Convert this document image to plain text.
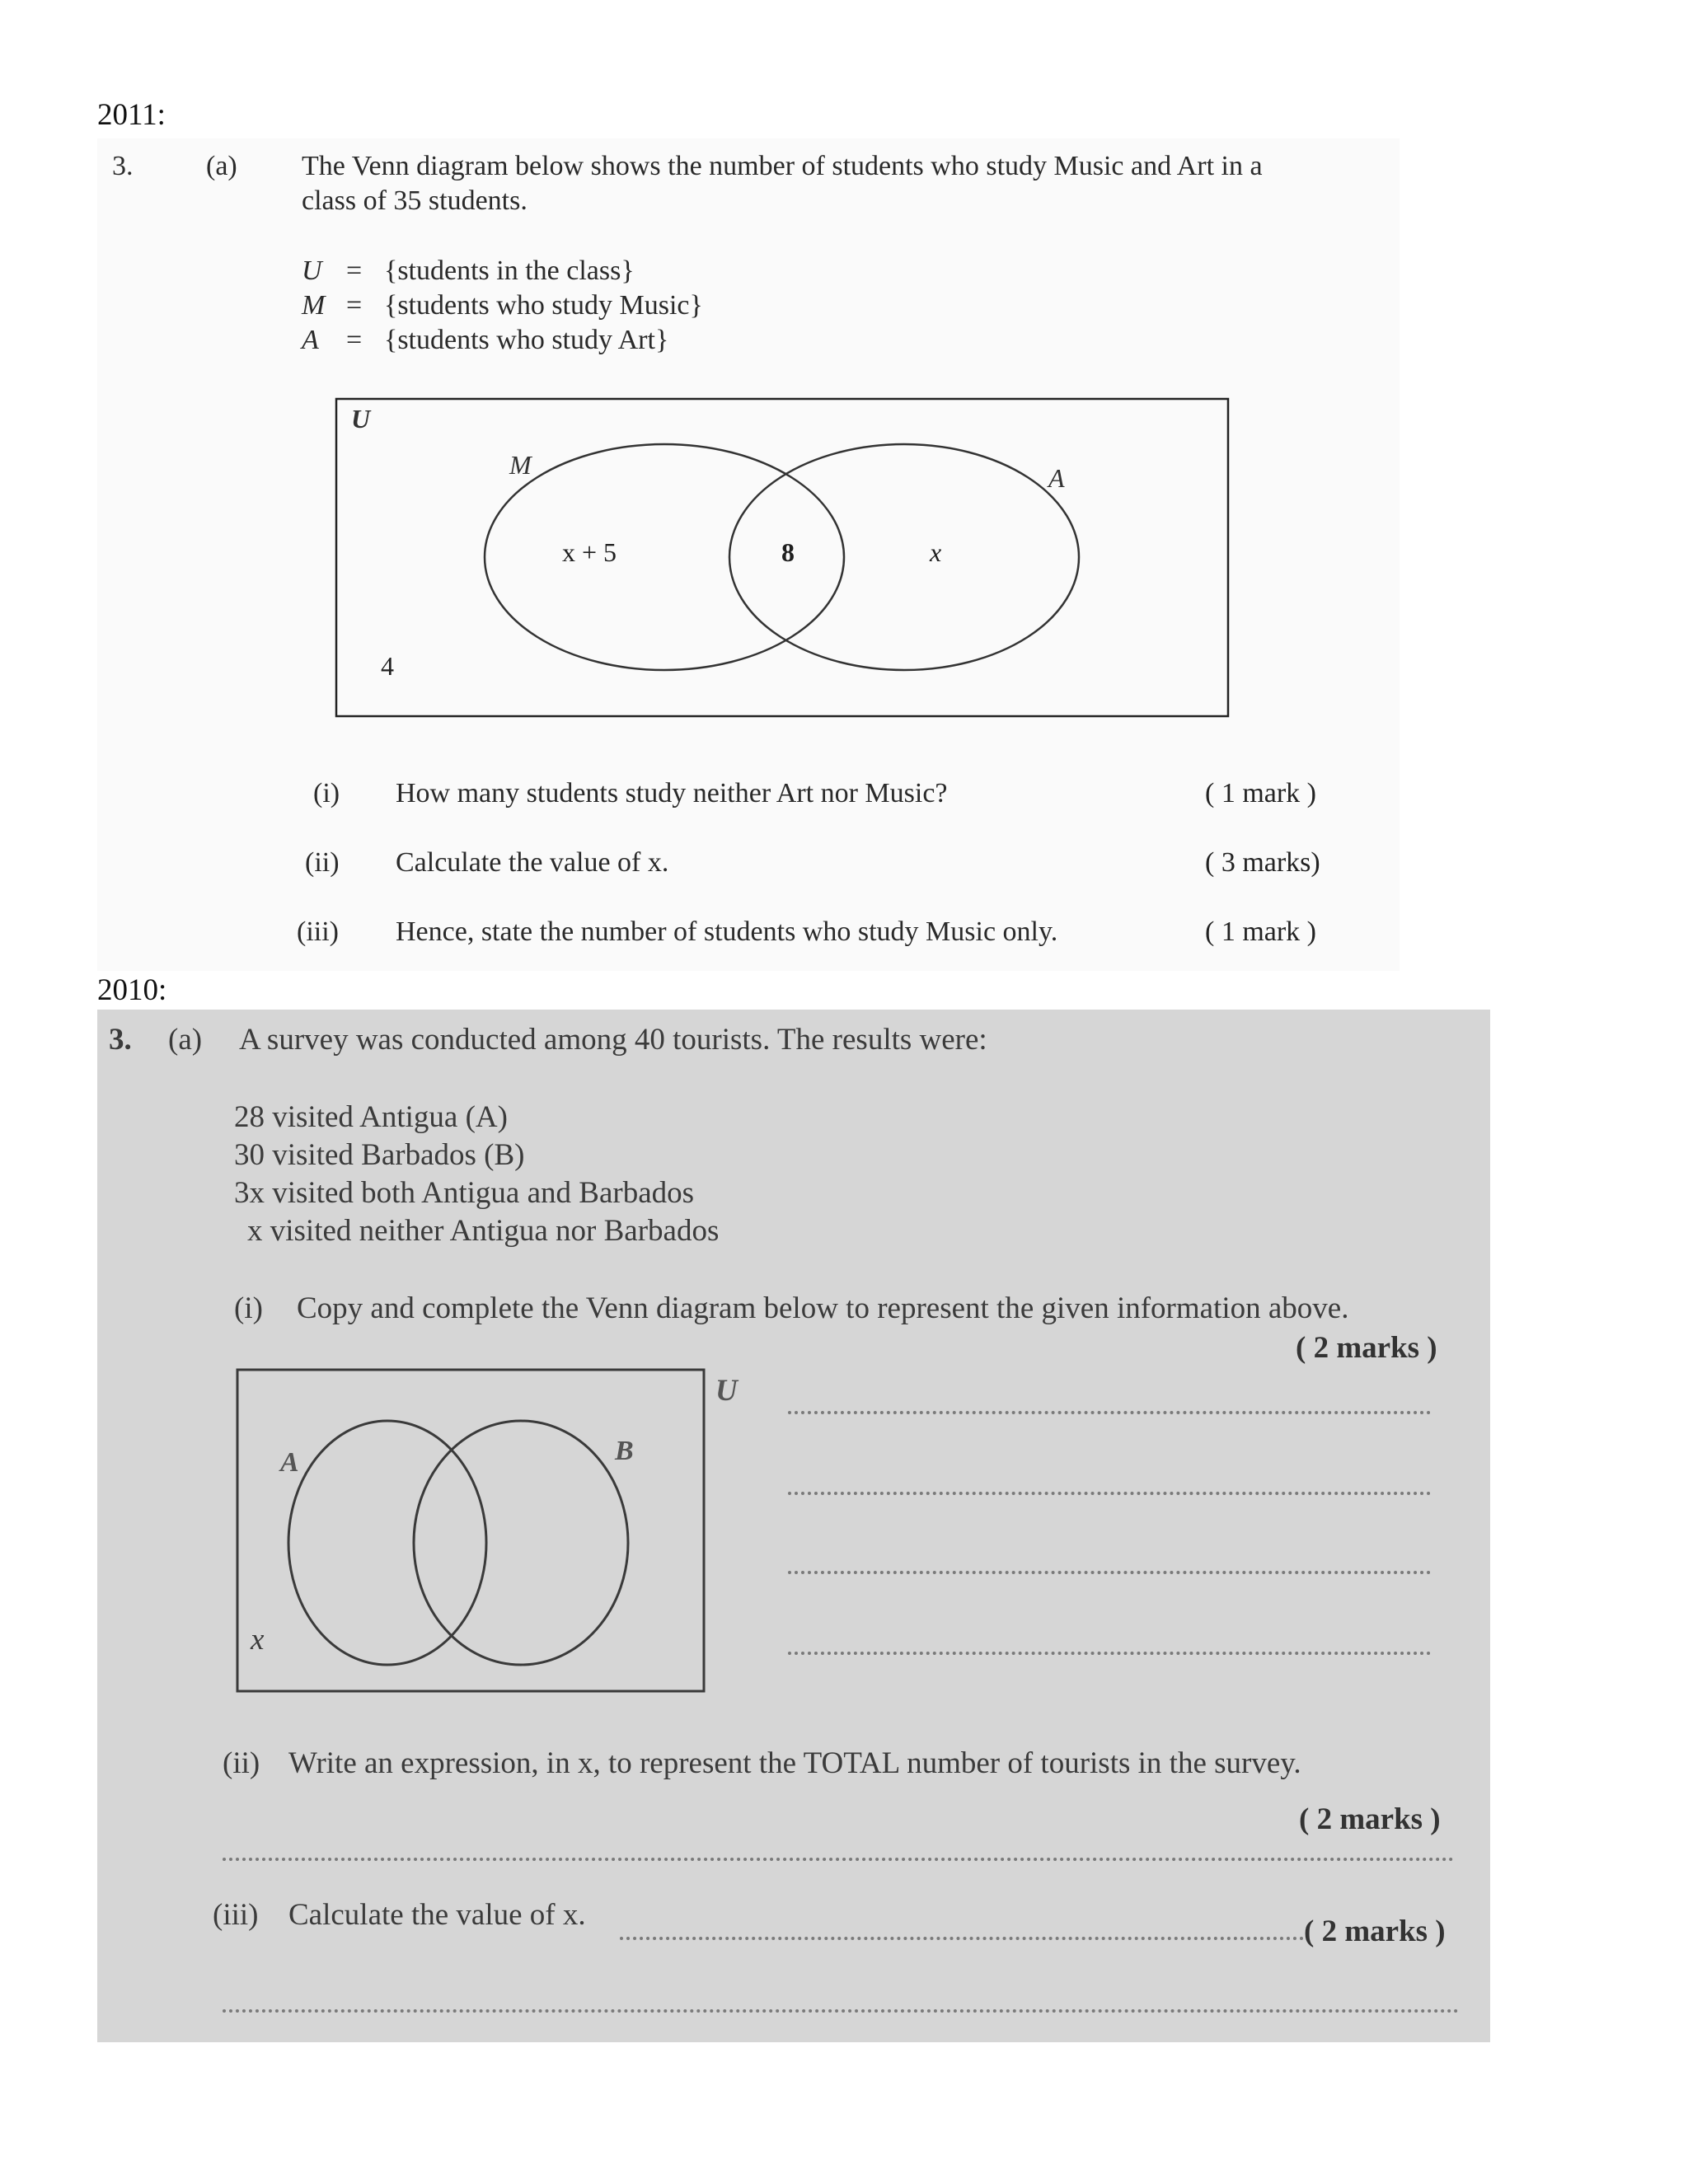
2011:
3.	(a) The Venn diagram below shows the number of students who study Music and Art in a
class of 35 students.
U = {students in the class}
M = {students who study Music}
A = {students who study Art}
U
M	A
x + 5	8	x
4
(i) How many students study neither Art nor Music?	( 1 mark )
(ii) Calculate the value of x.	( 3 marks)
(iii) Hence, state the number of students who study Music only.	( 1 mark )
2010:
3. (a) A survey was conducted among 40 tourists. The results were:
28 visited Antigua (A)
30 visited Barbados (B)
3x visited both Antigua and Barbados
x visited neither Antigua nor Barbados
(i) Copy and complete the Venn diagram below to represent the given information above.
( 2 marks )
U
A	B
x
(ii) Write an expression, in x, to represent the TOTAL number of tourists in the survey.
( 2 marks )
(iii) Calculate the value of x.	( 2 marks )
